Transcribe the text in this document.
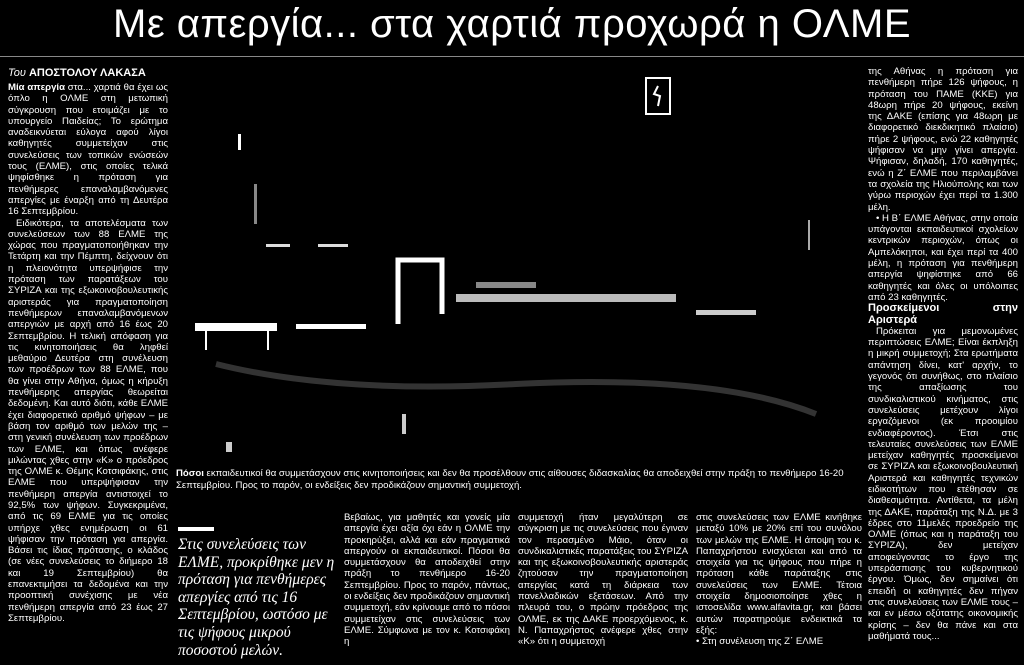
Με απεργία... στα χαρτιά προχωρά η ΟΛΜΕ
Του ΑΠΟΣΤΟΛΟΥ ΛΑΚΑΣΑ

Μία απεργία στα... χαρτιά θα έχει ως όπλο η ΟΛΜΕ στη μετωπική σύγκρουση που ετοιμάζει με το υπουργείο Παιδείας; Το ερώτημα αναδεικνύεται εύλογα αφού λίγοι καθηγητές συμμετείχαν στις συνελεύσεις των τοπικών ενώσεών τους (ΕΛΜΕ), στις οποίες τελικά ψηφίσθηκε η πρόταση για πενθήμερες επαναλαμβανόμενες απεργίες με έναρξη από τη Δευτέρα 16 Σεπτεμβρίου.

Ειδικότερα, τα αποτελέσματα των συνελεύσεων των 88 ΕΛΜΕ της χώρας που πραγματοποιήθηκαν την Τετάρτη και την Πέμπτη, δείχνουν ότι η πλειονότητα υπερψήφισε την πρόταση των παρατάξεων του ΣΥΡΙΖΑ και της εξωκοινοβουλευτικής αριστεράς για πραγματοποίηση πενθήμερων επαναλαμβανόμενων απεργιών με αρχή από 16 έως 20 Σεπτεμβρίου. Η τελική απόφαση για τις κινητοποιήσεις θα ληφθεί μεθαύριο Δευτέρα στη συνέλευση των προέδρων των 88 ΕΛΜΕ, που θα γίνει στην Αθήνα, όμως η κήρυξη πενθήμερης απεργίας θεωρείται δεδομένη. Και αυτό διότι, κάθε ΕΛΜΕ έχει διαφορετικό αριθμό ψήφων – με βάση τον αριθμό των μελών της – στη γενική συνέλευση των προέδρων των ΕΛΜΕ, και όπως ανέφερε μιλώντας χθες στην «Κ» ο πρόεδρος της ΟΛΜΕ κ. Θέμης Κοτσιφάκης, στις ΕΛΜΕ που υπερψήφισαν την πενθήμερη απεργία αντιστοιχεί το 92,5% των ψήφων. Συγκεκριμένα, από τις 69 ΕΛΜΕ για τις οποίες υπήρχε χθες ενημέρωση οι 61 ψήφισαν την πρόταση για απεργία. Βάσει τις ίδιας πρότασης, ο κλάδος (σε νέες συνελεύσεις το διήμερο 18 και 19 Σεπτεμβρίου) θα επανεκτιμήσει τα δεδομένα και την προοπτική συνέχισης με νέα πενθήμερη απεργία από 23 έως 27 Σεπτεμβρίου.

Πόσοι εκπαιδευτικοί θα συμμετάσχουν στις κινητοποιήσεις και δεν θα προσέλθουν στις αίθουσες διδασκαλίας θα αποδειχθεί στην πράξη το πενθήμερο 16-20 Σεπτεμβρίου. Προς το παρόν, οι ενδείξεις δεν προδικάζουν σημαντική συμμετοχή.
Στις συνελεύσεις των ΕΛΜΕ, προκρίθηκε μεν η πρόταση για πενθήμερες απεργίες από τις 16 Σεπτεμβρίου, ωστόσο με τις ψήφους μικρού ποσοστού μελών.
Βεβαίως, για μαθητές και γονείς μία απεργία έχει αξία όχι εάν η ΟΛΜΕ την προκηρύξει, αλλά και εάν πραγματικά απεργούν οι εκπαιδευτικοί. Πόσοι θα συμμετάσχουν θα αποδειχθεί στην πράξη το πενθήμερο 16-20 Σεπτεμβρίου. Προς το παρόν, πάντως, οι ενδείξεις δεν προδικάζουν σημαντική συμμετοχή, εάν κρίνουμε από το πόσοι συμμετείχαν στις συνελεύσεις των ΕΛΜΕ. Σύμφωνα με τον κ. Κοτσιφάκη η
συμμετοχή ήταν μεγαλύτερη σε σύγκριση με τις συνελεύσεις που έγιναν τον περασμένο Μάιο, όταν οι συνδικαλιστικές παρατάξεις του ΣΥΡΙΖΑ και της εξωκοινοβουλευτικής αριστεράς ζητούσαν την πραγματοποίηση απεργίας κατά τη διάρκεια των πανελλαδικών εξετάσεων. Από την πλευρά του, ο πρώην πρόεδρος της ΟΛΜΕ, εκ της ΔΑΚΕ προερχόμενος, κ. Ν. Παπαχρήστος ανέφερε χθες στην «Κ» ότι η συμμετοχή

στις συνελεύσεις των ΕΛΜΕ κινήθηκε μεταξύ 10% με 20% επί του συνόλου των μελών της ΕΛΜΕ. Η άποψη του κ. Παπαχρήστου ενισχύεται και από τα στοιχεία για τις ψήφους που πήρε η πρόταση κάθε παράταξης στις συνελεύσεις των ΕΛΜΕ. Τέτοια στοιχεία δημοσιοποίησε χθες η ιστοσελίδα www.alfavita.gr, και βάσει αυτών παρατηρούμε ενδεικτικά τα εξής:

• Στη συνέλευση της Ζ΄ ΕΛΜΕ

της Αθήνας η πρόταση για πενθήμερη πήρε 126 ψήφους, η πρόταση του ΠΑΜΕ (ΚΚΕ) για 48ωρη πήρε 20 ψήφους, εκείνη της ΔΑΚΕ (επίσης για 48ωρη με διαφορετικό διεκδικητικό πλαίσιο) πήρε 2 ψήφους, ενώ 22 καθηγητές ψήφισαν να μην γίνει απεργία. Ψήφισαν, δηλαδή, 170 καθηγητές, ενώ η Ζ΄ ΕΛΜΕ που περιλαμβάνει τα σχολεία της Ηλιούπολης και των γύρω περιοχών έχει περί τα 1.300 μέλη.

• Η Β΄ ΕΛΜΕ Αθήνας, στην οποία υπάγονται εκπαιδευτικοί σχολείων κεντρικών περιοχών, όπως οι Αμπελόκηποι, και έχει περί τα 400 μέλη, η πρόταση για πενθήμερη απεργία ψηφίστηκε από 66 καθηγητές και όλες οι υπόλοιπες από 23 καθηγητές.

Προσκείμενοι στην Αριστερά

Πρόκειται για μεμονωμένες περιπτώσεις ΕΛΜΕ; Είναι έκπληξη η μικρή συμμετοχή; Στα ερωτήματα απάντηση δίνει, κατ' αρχήν, το γεγονός ότι συνήθως, στο πλαίσιο της απαξίωσης του συνδικαλιστικού κινήματος, στις συνελεύσεις μετέχουν λίγοι εργαζόμενοι (εκ προοιμίου ενδιαφέροντος). Έτσι στις τελευταίες συνελεύσεις των ΕΛΜΕ μετείχαν καθηγητές προσκείμενοι σε ΣΥΡΙΖΑ και εξωκοινοβουλευτική Αριστερά και καθηγητές τεχνικών ειδικοτήτων που ετέθησαν σε διαθεσιμότητα. Αντίθετα, τα μέλη της ΔΑΚΕ, παράταξη της Ν.Δ. με 3 έδρες στο 11μελές προεδρείο της ΟΛΜΕ (όπως και η παράταξη του ΣΥΡΙΖΑ), δεν μετείχαν αποφεύγοντας το έργο της υπεράσπισης του κυβερνητικού έργου. Όμως, δεν σημαίνει ότι επειδή οι καθηγητές δεν πήγαν στις συνελεύσεις των ΕΛΜΕ τους – και εν μέσω οξύτατης οικονομικής κρίσης – δεν θα πάνε και στα μαθήματά τους...
